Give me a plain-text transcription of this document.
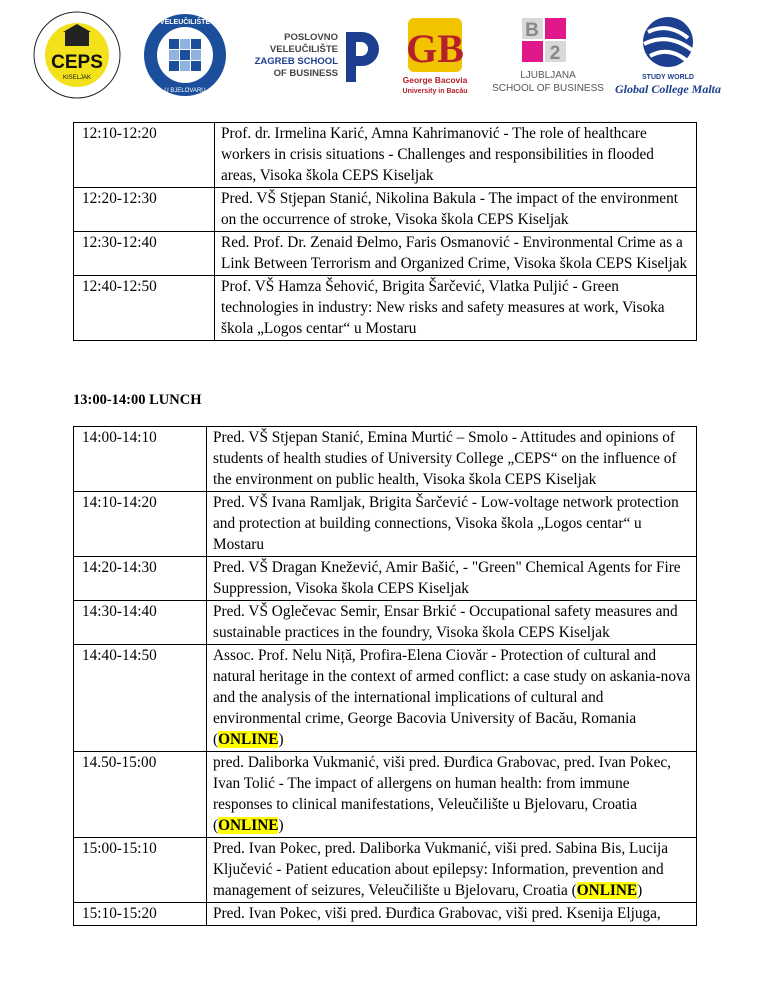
CEPS
KISELJAK
VELEUČILIŠTE
U BJELOVARU
POSLOVNO
VELEUČILIŠTE
ZAGREB SCHOOL
OF BUSINESS
GB
George Bacovia
University in Bacău
B
2
LJUBLJANA
SCHOOL OF BUSINESS
STUDY WORLD
Global College Malta
12:10-12:20	Prof. dr. Irmelina Karić, Amna Kahrimanović - The role of healthcare workers in crisis situations - Challenges and responsibilities in flooded areas, Visoka škola CEPS Kiseljak
12:20-12:30	Pred. VŠ Stjepan Stanić, Nikolina Bakula - The impact of the environment on the occurrence of stroke, Visoka škola CEPS Kiseljak
12:30-12:40	Red. Prof. Dr. Zenaid Đelmo, Faris Osmanović - Environmental Crime as a Link Between Terrorism and Organized Crime, Visoka škola CEPS Kiseljak
12:40-12:50	Prof. VŠ Hamza Šehović, Brigita Šarčević, Vlatka Puljić - Green technologies in industry: New risks and safety measures at work, Visoka škola „Logos centar“ u Mostaru
13:00-14:00 LUNCH
14:00-14:10	Pred. VŠ Stjepan Stanić, Emina Murtić – Smolo - Attitudes and opinions of students of health studies of University College „CEPS“ on the influence of the environment on public health, Visoka škola CEPS Kiseljak
14:10-14:20	Pred. VŠ Ivana Ramljak, Brigita Šarčević - Low-voltage network protection and protection at building connections, Visoka škola „Logos centar“ u Mostaru
14:20-14:30	Pred. VŠ Dragan Knežević, Amir Bašić, - "Green" Chemical Agents for Fire Suppression, Visoka škola CEPS Kiseljak
14:30-14:40	Pred. VŠ Oglečevac Semir, Ensar Brkić - Occupational safety measures and sustainable practices in the foundry, Visoka škola CEPS Kiseljak
14:40-14:50	Assoc. Prof. Nelu Niță, Profira-Elena Ciovăr - Protection of cultural and natural heritage in the context of armed conflict: a case study on askania-nova and the analysis of the international implications of cultural and environmental crime, George Bacovia University of Bacău, Romania (ONLINE)
14.50-15:00	pred. Daliborka Vukmanić, viši pred. Đurđica Grabovac, pred. Ivan Pokec, Ivan Tolić - The impact of allergens on human health: from immune responses to clinical manifestations, Veleučilište u Bjelovaru, Croatia (ONLINE)
15:00-15:10	Pred. Ivan Pokec, pred. Daliborka Vukmanić, viši pred. Sabina Bis, Lucija Ključević - Patient education about epilepsy: Information, prevention and management of seizures, Veleučilište u Bjelovaru, Croatia (ONLINE)
15:10-15:20	Pred. Ivan Pokec, viši pred. Đurđica Grabovac, viši pred. Ksenija Eljuga,
